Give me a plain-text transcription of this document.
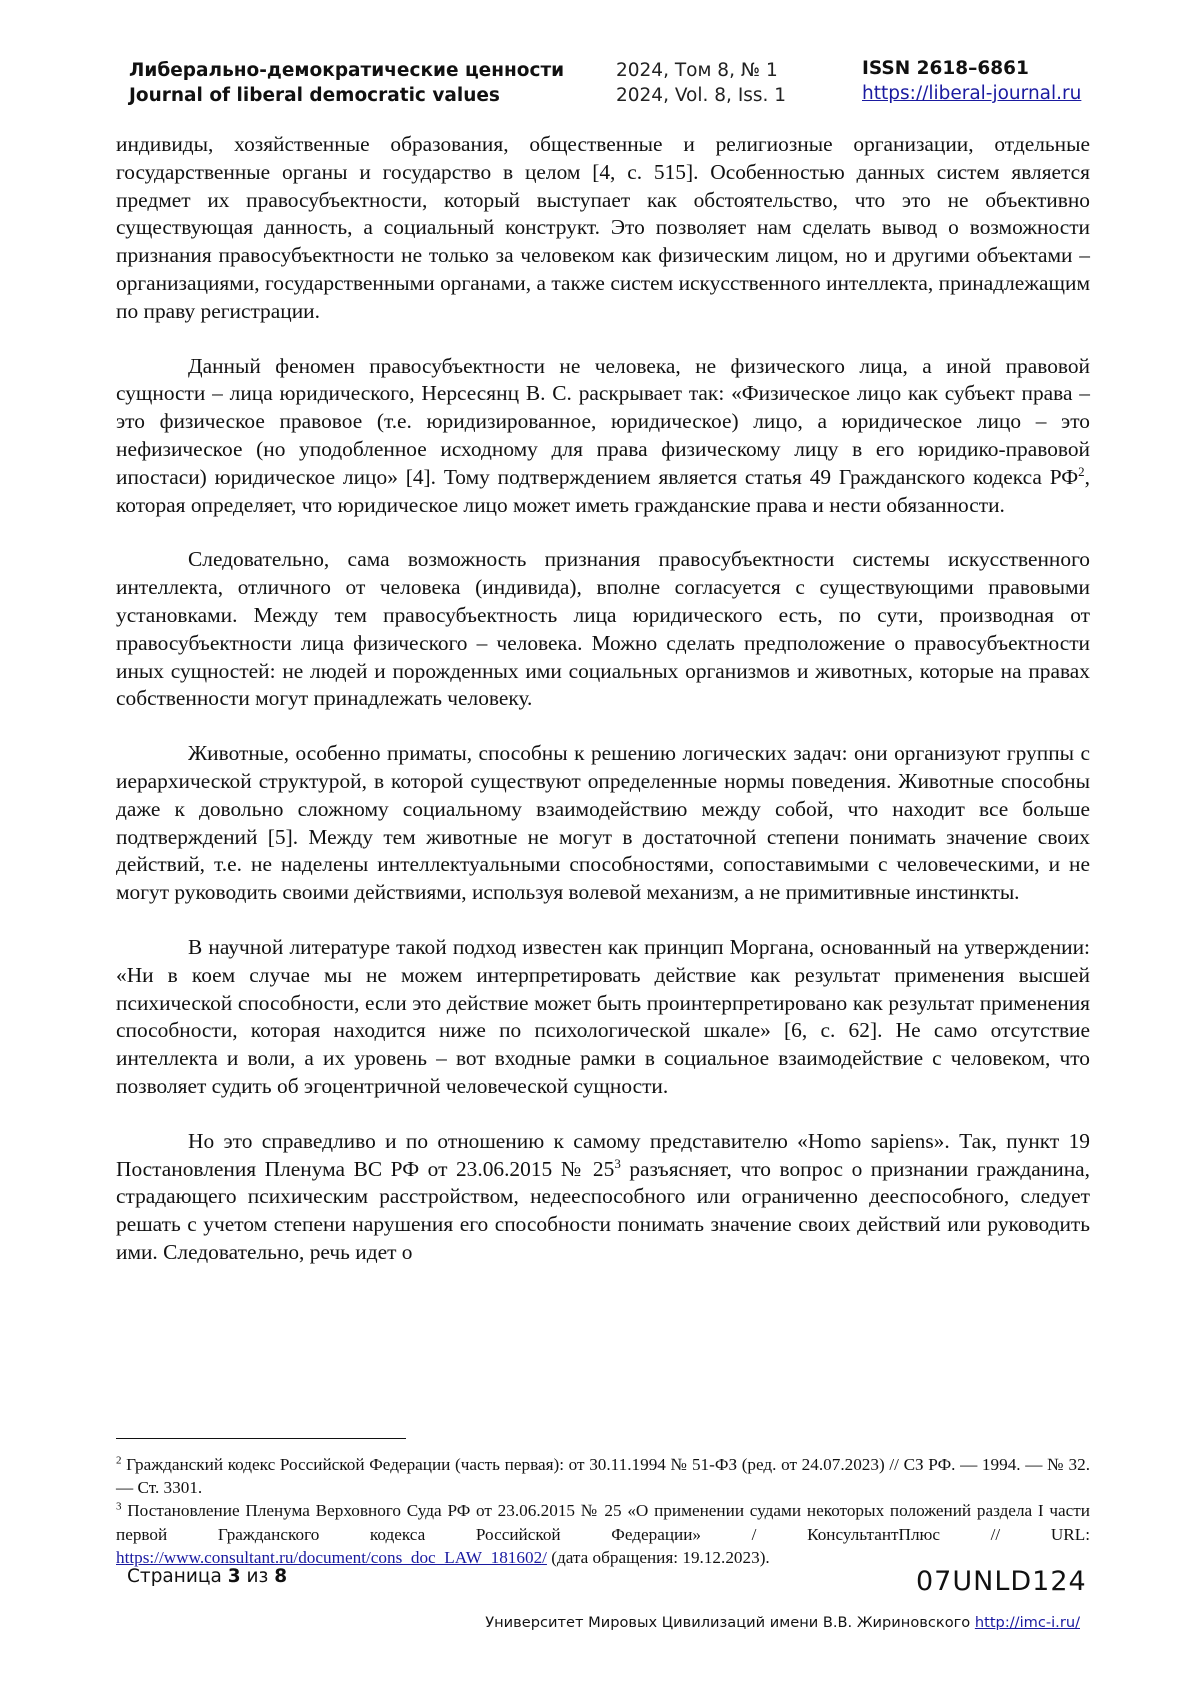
Либерально-демократические ценности
Journal of liberal democratic values
2024, Том 8, № 1
2024, Vol. 8, Iss. 1
ISSN 2618–6861
https://liberal-journal.ru

индивиды, хозяйственные образования, общественные и религиозные организации, отдельные государственные органы и государство в целом [4, с. 515]. Особенностью данных систем является предмет их правосубъектности, который выступает как обстоятельство, что это не объективно существующая данность, а социальный конструкт. Это позволяет нам сделать вывод о возможности признания правосубъектности не только за человеком как физическим лицом, но и другими объектами – организациями, государственными органами, а также систем искусственного интеллекта, принадлежащим по праву регистрации.

Данный феномен правосубъектности не человека, не физического лица, а иной правовой сущности – лица юридического, Нерсесянц В. С. раскрывает так: «Физическое лицо как субъект права – это физическое правовое (т.е. юридизированное, юридическое) лицо, а юридическое лицо – это нефизическое (но уподобленное исходному для права физическому лицу в его юридико-правовой ипостаси) юридическое лицо» [4]. Тому подтверждением является статья 49 Гражданского кодекса $РФ^2$, которая определяет, что юридическое лицо может иметь гражданские права и нести обязанности.

Следовательно, сама возможность признания правосубъектности системы искусственного интеллекта, отличного от человека (индивида), вполне согласуется с существующими правовыми установками. Между тем правосубъектность лица юридического есть, по сути, производная от правосубъектности лица физического – человека. Можно сделать предположение о правосубъектности иных сущностей: не людей и порожденных ими социальных организмов и животных, которые на правах собственности могут принадлежать человеку.

Животные, особенно приматы, способны к решению логических задач: они организуют группы с иерархической структурой, в которой существуют определенные нормы поведения. Животные способны даже к довольно сложному социальному взаимодействию между собой, что находит все больше подтверждений [5]. Между тем животные не могут в достаточной степени понимать значение своих действий, т.е. не наделены интеллектуальными способностями, сопоставимыми с человеческими, и не могут руководить своими действиями, используя волевой механизм, а не примитивные инстинкты.

В научной литературе такой подход известен как принцип Моргана, основанный на утверждении: «Ни в коем случае мы не можем интерпретировать действие как результат применения высшей психической способности, если это действие может быть проинтерпретировано как результат применения способности, которая находится ниже по психологической шкале» [6, с. 62]. Не само отсутствие интеллекта и воли, а их уровень – вот входные рамки в социальное взаимодействие с человеком, что позволяет судить об эгоцентричной человеческой сущности.

Но это справедливо и по отношению к самому представителю «Homo sapiens». Так, пункт 19 Постановления Пленума ВС РФ от 23.06.2015 № $25^3$ разъясняет, что вопрос о признании гражданина, страдающего психическим расстройством, недееспособного или ограниченно дееспособного, следует решать с учетом степени нарушения его способности понимать значение своих действий или руководить ими. Следовательно, речь идет о

$^2$ Гражданский кодекс Российской Федерации (часть первая): от 30.11.1994 № 51-ФЗ (ред. от 24.07.2023) // СЗ РФ. — 1994. — № 32. — Ст. 3301.

$^3$ Постановление Пленума Верховного Суда РФ от 23.06.2015 № 25 «О применении судами некоторых положений раздела I части первой Гражданского кодекса Российской Федерации» / КонсультантПлюс // URL: https://www.consultant.ru/document/cons_doc_LAW_181602/ (дата обращения: 19.12.2023).

Страница 3 из 8	07UNLD124
Университет Мировых Цивилизаций имени В.В. Жириновского http://imc-i.ru/
